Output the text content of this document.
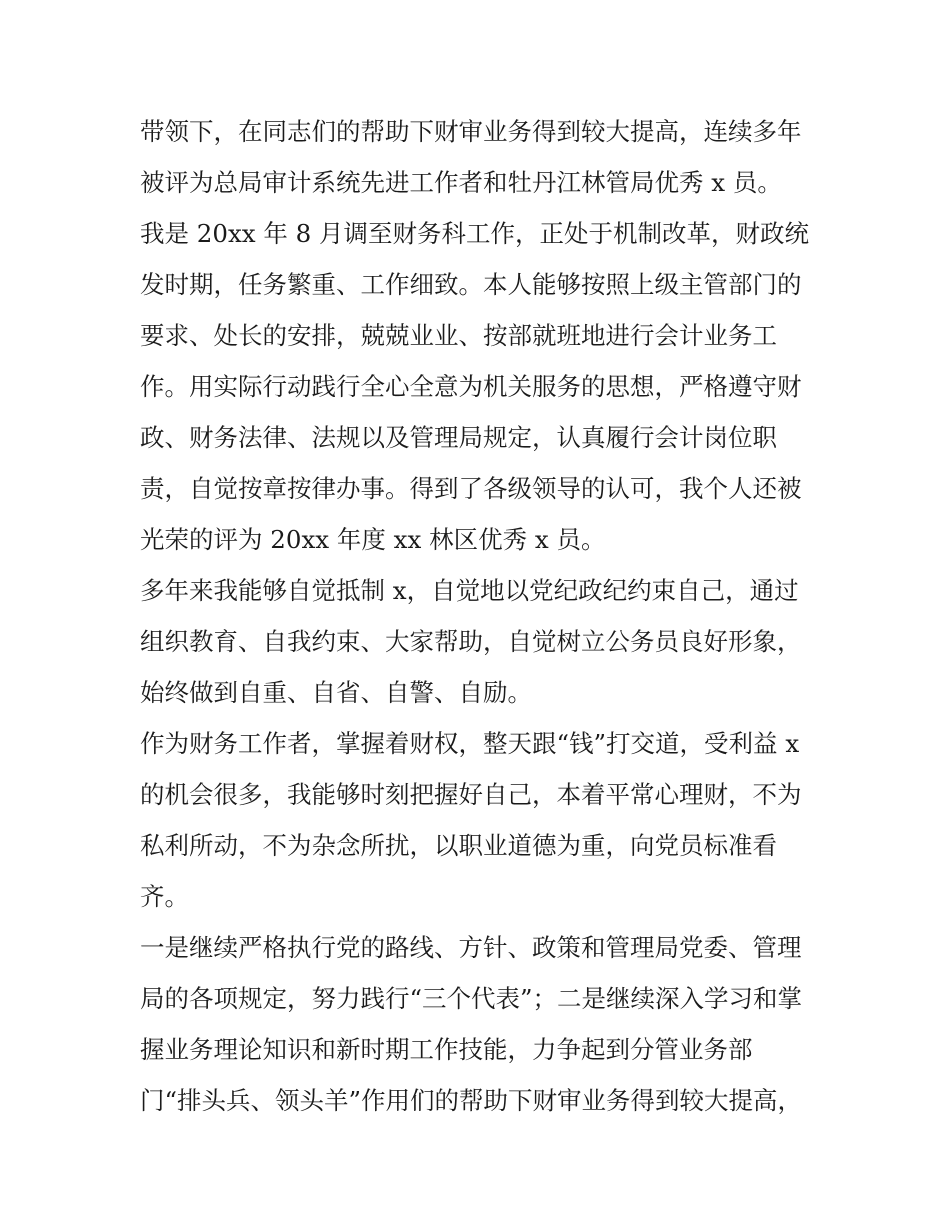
带领下，在同志们的帮助下财审业务得到较大提高，连续多年
被评为总局审计系统先进工作者和牡丹江林管局优秀 x 员。
我是 20xx 年 8 月调至财务科工作，正处于机制改革，财政统
发时期，任务繁重、工作细致。本人能够按照上级主管部门的
要求、处长的安排，兢兢业业、按部就班地进行会计业务工
作。用实际行动践行全心全意为机关服务的思想，严格遵守财
政、财务法律、法规以及管理局规定，认真履行会计岗位职
责，自觉按章按律办事。得到了各级领导的认可，我个人还被
光荣的评为 20xx 年度 xx 林区优秀 x 员。
多年来我能够自觉抵制 x，自觉地以党纪政纪约束自己，通过
组织教育、自我约束、大家帮助，自觉树立公务员良好形象，
始终做到自重、自省、自警、自励。
作为财务工作者，掌握着财权，整天跟“钱”打交道，受利益 x
的机会很多，我能够时刻把握好自己，本着平常心理财，不为
私利所动，不为杂念所扰，以职业道德为重，向党员标准看
齐。
一是继续严格执行党的路线、方针、政策和管理局党委、管理
局的各项规定，努力践行“三个代表”；二是继续深入学习和掌
握业务理论知识和新时期工作技能，力争起到分管业务部
门“排头兵、领头羊”作用们的帮助下财审业务得到较大提高，
